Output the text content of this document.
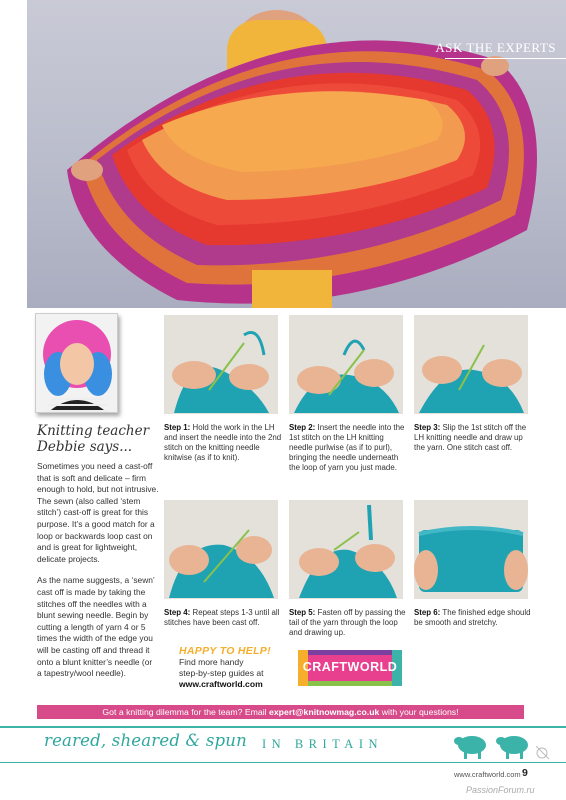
ASK THE EXPERTS
Knitting teacher
Debbie says...

Sometimes you need a cast-off that is soft and delicate – firm enough to hold, but not intrusive. The sewn (also called ‘stem stitch’) cast-off is great for this purpose. It’s a good match for a loop or backwards loop cast on and is great for lightweight, delicate projects.

As the name suggests, a ‘sewn’ cast off is made by taking the stitches off the needles with a blunt sewing needle. Begin by cutting a length of yarn 4 or 5 times the width of the edge you will be casting off and thread it onto a blunt knitter’s needle (or a tapestry/wool needle).

Step 1: Hold the work in the LH and insert the needle into the 2nd stitch on the knitting needle knitwise (as if to knit).
Step 2: Insert the needle into the 1st stitch on the LH knitting needle purlwise (as if to purl), bringing the needle underneath the loop of yarn you just made.
Step 3: Slip the 1st stitch off the LH knitting needle and draw up the yarn. One stitch cast off.
Step 4: Repeat steps 1-3 until all stitches have been cast off.
Step 5: Fasten off by passing the tail of the yarn through the loop and drawing up.
Step 6: The finished edge should be smooth and stretchy.
HAPPY TO HELP!
Find more handy
step-by-step guides at
www.craftworld.com
CRAFTWORLD
Got a knitting dilemma for the team? Email expert@knitnowmag.co.uk with your questions!
reared, sheared & spun IN BRITAIN
www.craftworld.com 9
PassionForum.ru
